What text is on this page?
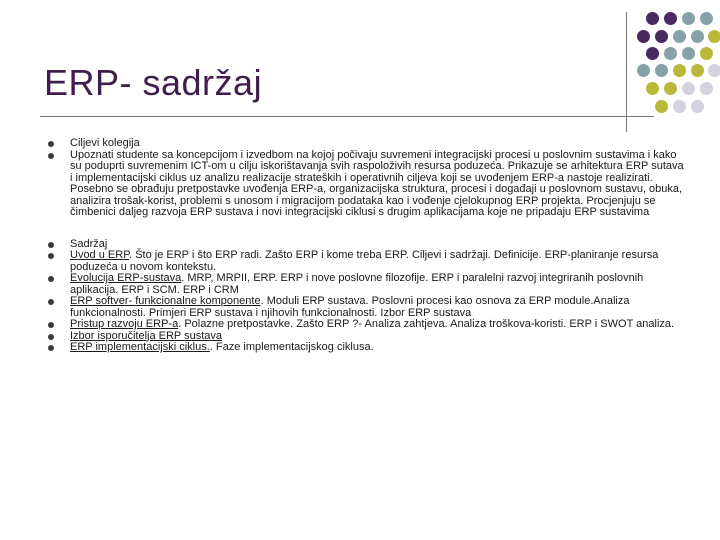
ERP- sadržaj

Ciljevi kolegija

Upoznati studente sa koncepcijom i izvedbom na kojoj počivaju suvremeni integracijski procesi u poslovnim sustavima i kako su poduprti suvremenim ICT-om u cilju iskorištavanja svih raspoloživih resursa poduzeća. Prikazuje se arhitektura ERP sutava i implementacijski ciklus uz analizu realizacije strateških i operativnih ciljeva koji se uvođenjem ERP-a nastoje realizirati. Posebno se obrađuju pretpostavke uvođenja ERP-a, organizacijska struktura, procesi i događaji u poslovnom sustavu, obuka, analizira trošak-korist, problemi s unosom i migracijom podataka kao i vođenje cjelokupnog ERP projekta. Procjenjuju se čimbenici daljeg razvoja ERP sustava i novi integracijski ciklusi s drugim aplikacijama koje ne pripadaju ERP sustavima

Sadržaj

Uvod u ERP. Što je ERP i što ERP radi. Zašto ERP i kome treba ERP. Ciljevi i sadržaji. Definicije. ERP-planiranje resursa poduzeća u novom kontekstu.

Evolucija ERP-sustava. MRP, MRPII, ERP. ERP i nove poslovne filozofije. ERP i paralelni razvoj integriranih poslovnih aplikacija. ERP i SCM. ERP i CRM

ERP softver- funkcionalne komponente. Moduli ERP sustava. Poslovni procesi kao osnova za ERP module.Analiza funkcionalnosti. Primjeri ERP sustava i njihovih funkcionalnosti. Izbor ERP sustava

Pristup razvoju ERP-a. Polazne pretpostavke. Zašto ERP ?- Analiza zahtjeva. Analiza troškova-koristi. ERP i SWOT analiza.

Izbor isporučitelja ERP sustava

ERP implementacijski ciklus.. Faze implementacijskog ciklusa.
